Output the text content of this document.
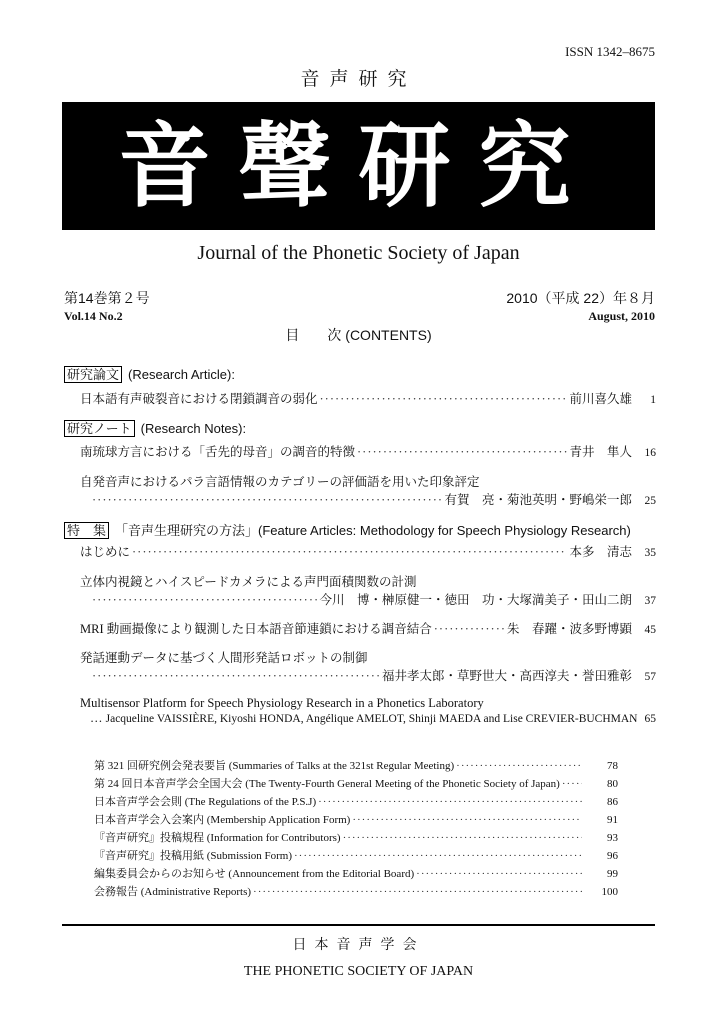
ISSN 1342–8675
音声研究
音聲研究
Journal of the Phonetic Society of Japan
第14巻第２号	2010（平成 22）年８月
Vol.14 No.2	August, 2010
目　　次 (CONTENTS)
研究論文 (Research Article):
日本語有声破裂音における閉鎖調音の弱化 ·····	前川喜久雄	1
研究ノート (Research Notes):
南琉球方言における「舌先的母音」の調音的特徴 ·····	青井　隼人	16
自発音声におけるパラ言語情報のカテゴリーの評価語を用いた印象評定
·····
有賀　亮・菊池英明・野嶋栄一郎	25
特　集 「音声生理研究の方法」(Feature Articles: Methodology for Speech Physiology Research)
はじめに ·····	本多　清志	35
立体内視鏡とハイスピードカメラによる声門面積関数の計測
·····
今川　博・榊原健一・徳田　功・大塚満美子・田山二朗	37
MRI 動画撮像により観測した日本語音節連鎖における調音結合 ·····	朱　春躍・波多野博顕	45
発話運動データに基づく人間形発話ロボットの制御
·····
福井孝太郎・草野世大・高西淳夫・誉田雅彰	57
Multisensor Platform for Speech Physiology Research in a Phonetics Laboratory
… Jacqueline VAISSIÈRE, Kiyoshi HONDA, Angélique AMELOT, Shinji MAEDA and Lise CREVIER-BUCHMAN 65
第 321 回研究例会発表要旨 (Summaries of Talks at the 321st Regular Meeting) ·····	78
第 24 回日本音声学会全国大会 (The Twenty-Fourth General Meeting of the Phonetic Society of Japan) ·····	80
日本音声学会会則 (The Regulations of the P.S.J) ·····	86
日本音声学会入会案内 (Membership Application Form) ·····	91
『音声研究』投稿規程 (Information for Contributors) ·····	93
『音声研究』投稿用紙 (Submission Form) ·····	96
編集委員会からのお知らせ (Announcement from the Editorial Board) ·····	99
会務報告 (Administrative Reports) ·····	100
日本音声学会
THE PHONETIC SOCIETY OF JAPAN
